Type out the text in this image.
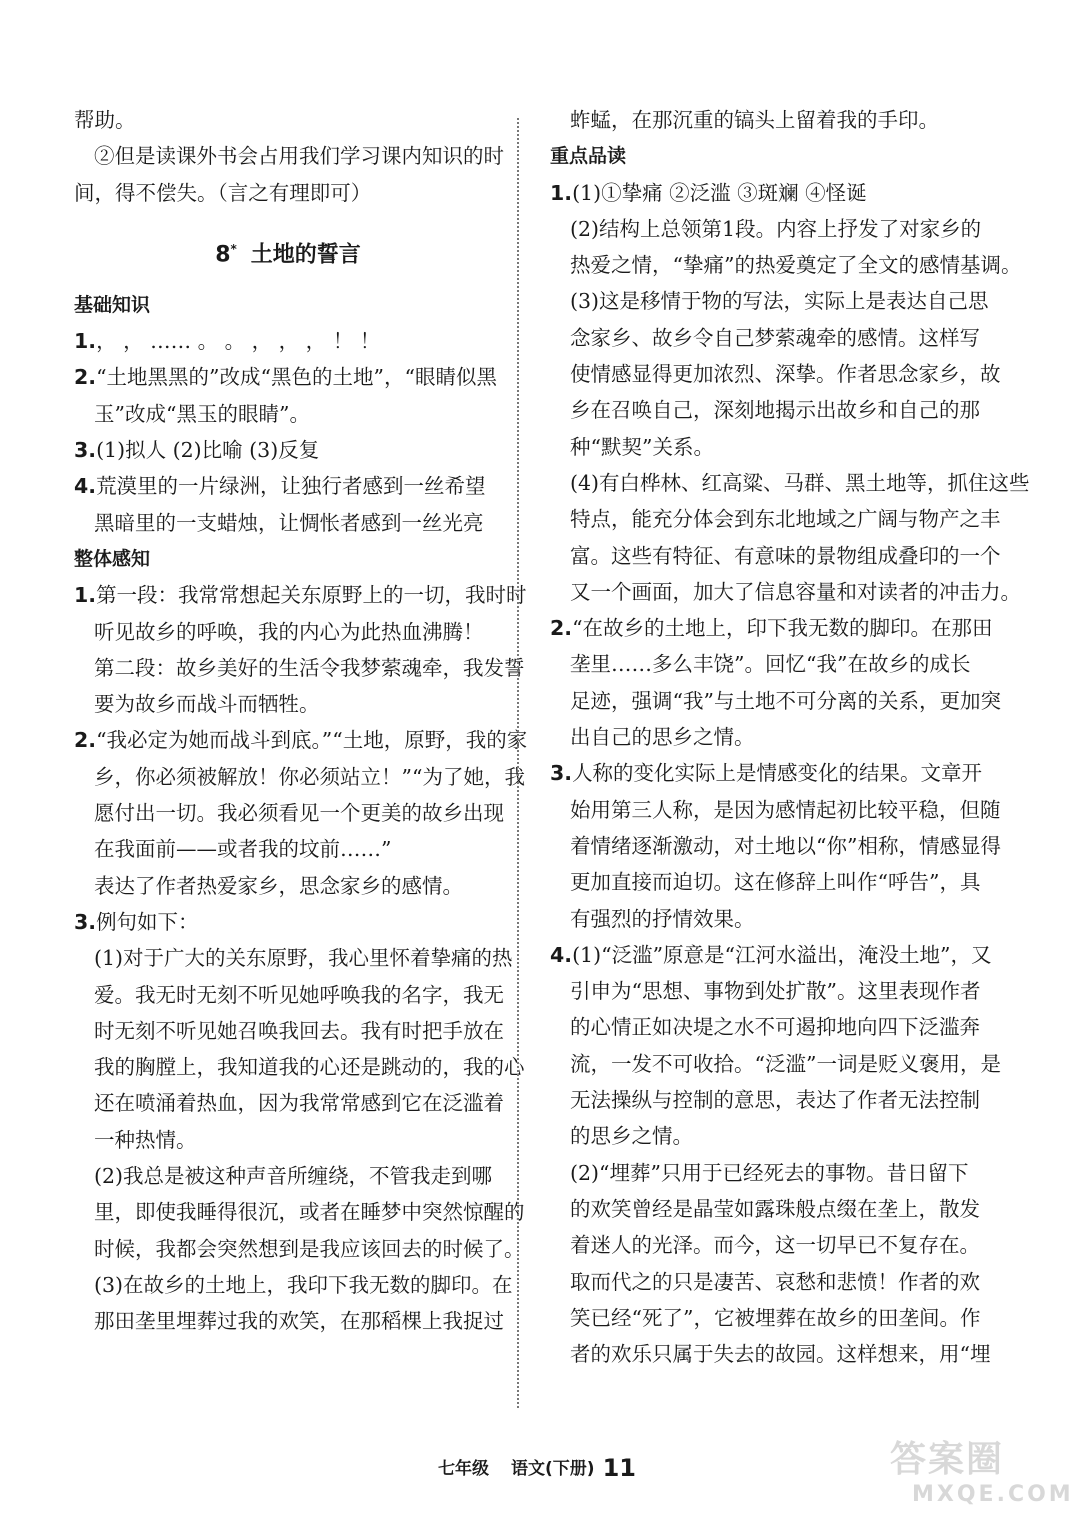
帮助。
②但是读课外书会占用我们学习课内知识的时
间，得不偿失。（言之有理即可）
8* 土地的誓言
基础知识
1.， ， …… 。 。 ， ， ， ！ ！
2.“土地黑黑的”改成“黑色的土地”，“眼睛似黑
玉”改成“黑玉的眼睛”。
3.(1)拟人 (2)比喻 (3)反复
4.荒漠里的一片绿洲，让独行者感到一丝希望
黑暗里的一支蜡烛，让惆怅者感到一丝光亮
整体感知
1.第一段：我常常想起关东原野上的一切，我时时
听见故乡的呼唤，我的内心为此热血沸腾！
第二段：故乡美好的生活令我梦萦魂牵，我发誓
要为故乡而战斗而牺牲。
2.“我必定为她而战斗到底。”“土地，原野，我的家
乡，你必须被解放！你必须站立！”“为了她，我
愿付出一切。我必须看见一个更美的故乡出现
在我面前——或者我的坟前……”
表达了作者热爱家乡，思念家乡的感情。
3.例句如下：
(1)对于广大的关东原野，我心里怀着挚痛的热
爱。我无时无刻不听见她呼唤我的名字，我无
时无刻不听见她召唤我回去。我有时把手放在
我的胸膛上，我知道我的心还是跳动的，我的心
还在喷涌着热血，因为我常常感到它在泛滥着
一种热情。
(2)我总是被这种声音所缠绕，不管我走到哪
里，即使我睡得很沉，或者在睡梦中突然惊醒的
时候，我都会突然想到是我应该回去的时候了。
(3)在故乡的土地上，我印下我无数的脚印。在
那田垄里埋葬过我的欢笑，在那稻棵上我捉过
蚱蜢，在那沉重的镐头上留着我的手印。
重点品读
1.(1)①挚痛 ②泛滥 ③斑斓 ④怪诞
(2)结构上总领第1段。内容上抒发了对家乡的
热爱之情，“挚痛”的热爱奠定了全文的感情基调。
(3)这是移情于物的写法，实际上是表达自己思
念家乡、故乡令自己梦萦魂牵的感情。这样写
使情感显得更加浓烈、深挚。作者思念家乡，故
乡在召唤自己，深刻地揭示出故乡和自己的那
种“默契”关系。
(4)有白桦林、红高粱、马群、黑土地等，抓住这些
特点，能充分体会到东北地域之广阔与物产之丰
富。这些有特征、有意味的景物组成叠印的一个
又一个画面，加大了信息容量和对读者的冲击力。
2.“在故乡的土地上，印下我无数的脚印。在那田
垄里……多么丰饶”。回忆“我”在故乡的成长
足迹，强调“我”与土地不可分离的关系，更加突
出自己的思乡之情。
3.人称的变化实际上是情感变化的结果。文章开
始用第三人称，是因为感情起初比较平稳，但随
着情绪逐渐激动，对土地以“你”相称，情感显得
更加直接而迫切。这在修辞上叫作“呼告”，具
有强烈的抒情效果。
4.(1)“泛滥”原意是“江河水溢出，淹没土地”，又
引申为“思想、事物到处扩散”。这里表现作者
的心情正如决堤之水不可遏抑地向四下泛滥奔
流，一发不可收拾。“泛滥”一词是贬义褒用，是
无法操纵与控制的意思，表达了作者无法控制
的思乡之情。
(2)“埋葬”只用于已经死去的事物。昔日留下
的欢笑曾经是晶莹如露珠般点缀在垄上，散发
着迷人的光泽。而今，这一切早已不复存在。
取而代之的只是凄苦、哀愁和悲愤！作者的欢
笑已经“死了”，它被埋葬在故乡的田垄间。作
者的欢乐只属于失去的故园。这样想来，用“埋
七年级 语文(下册) 11	答案圈
MXQE.COM
